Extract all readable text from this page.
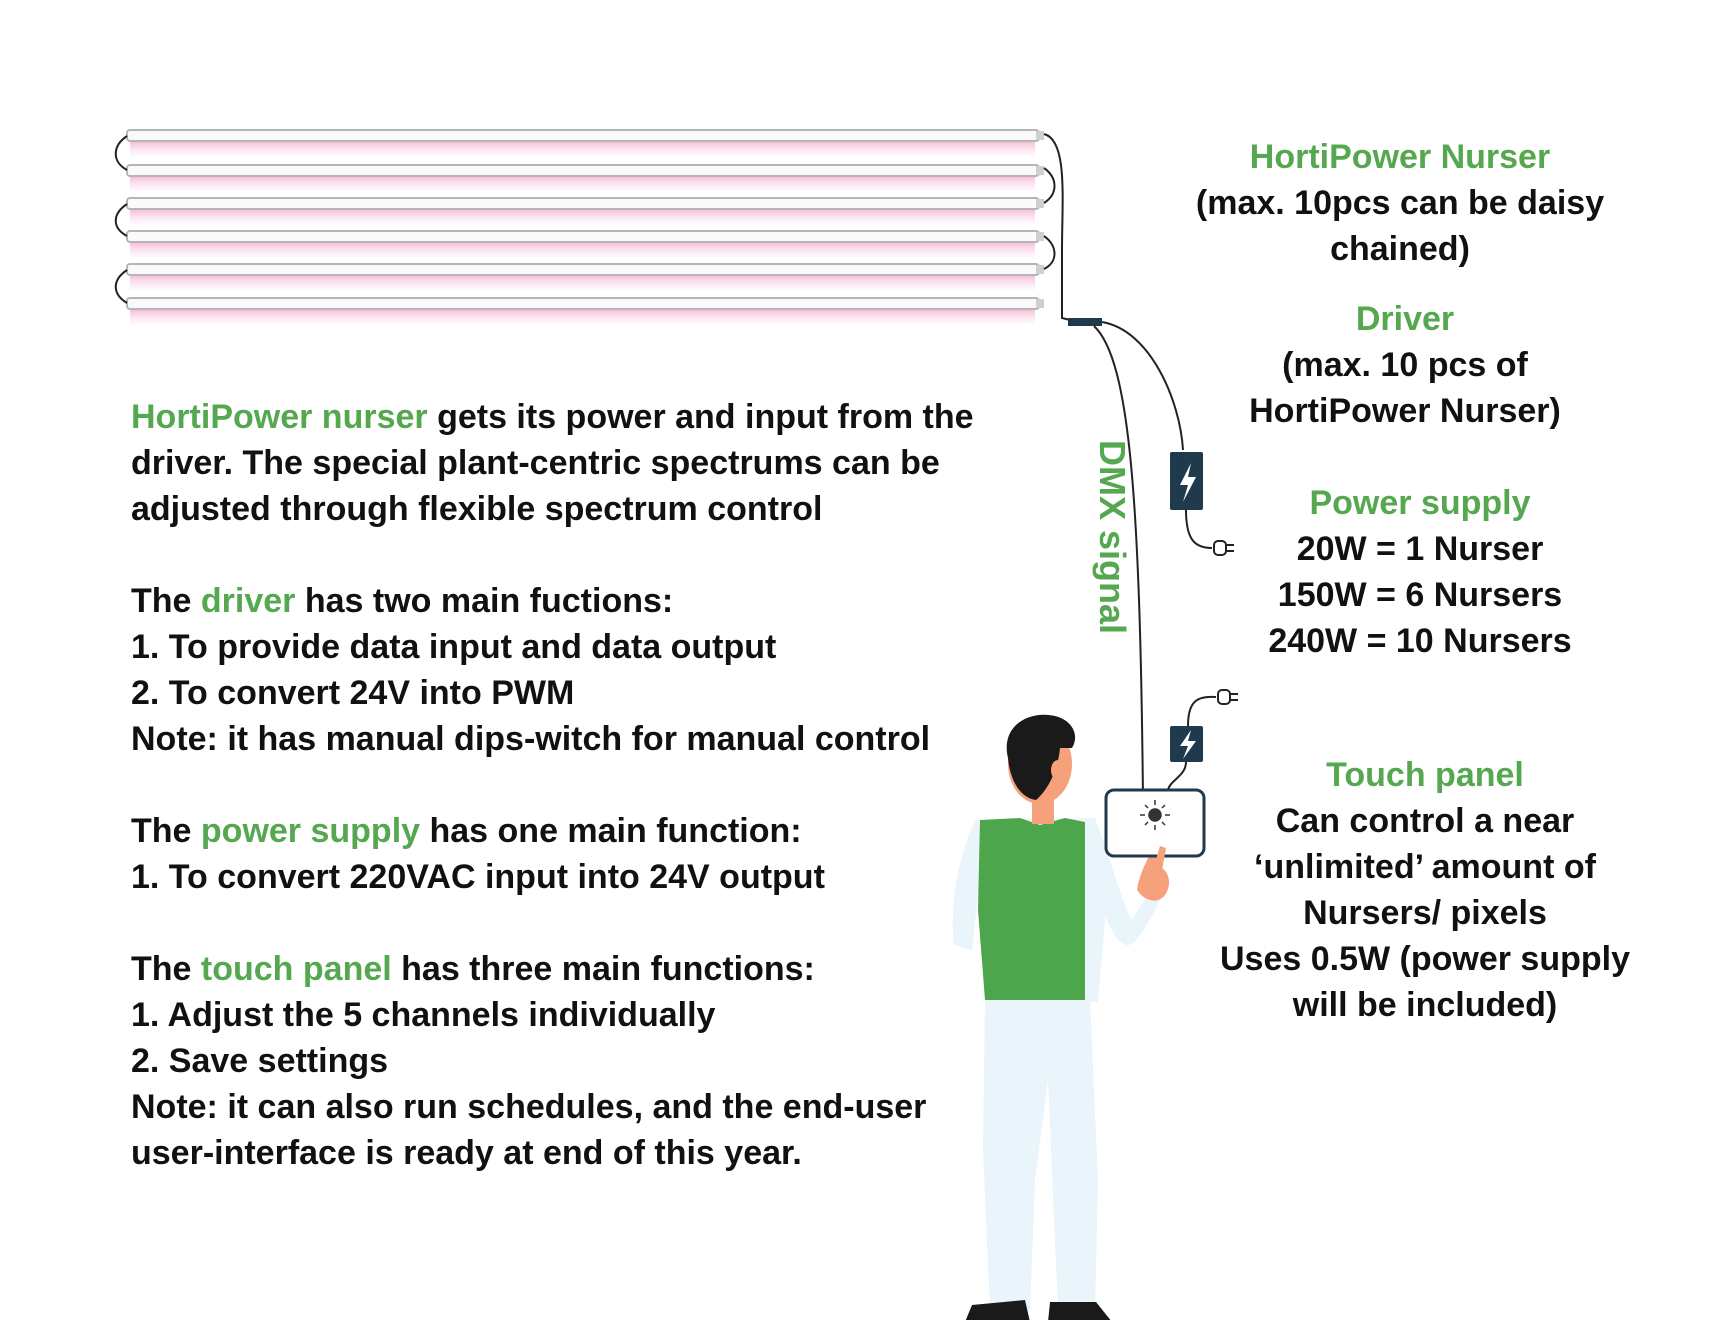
DMX signal

HortiPower nurser gets its power and input from the driver. The special plant-centric spectrums can be adjusted through flexible spectrum control

The driver has two main fuctions:
1. To provide data input and data output
2. To convert 24V into PWM
Note: it has manual dips-witch for manual control
The power supply has one main function:
1. To convert 220VAC input into 24V output
The touch panel has three main functions:
1. Adjust the 5 channels individually
2. Save settings
Note: it can also run schedules, and the end-user user-interface is ready at end of this year.
HortiPower Nurser
(max. 10pcs can be daisy chained)
Driver
(max. 10 pcs of HortiPower Nurser)
Power supply
20W = 1 Nurser
150W = 6 Nursers
240W = 10 Nursers
Touch panel
Can control a near ‘unlimited’ amount of Nursers/ pixels
Uses 0.5W (power supply will be included)
